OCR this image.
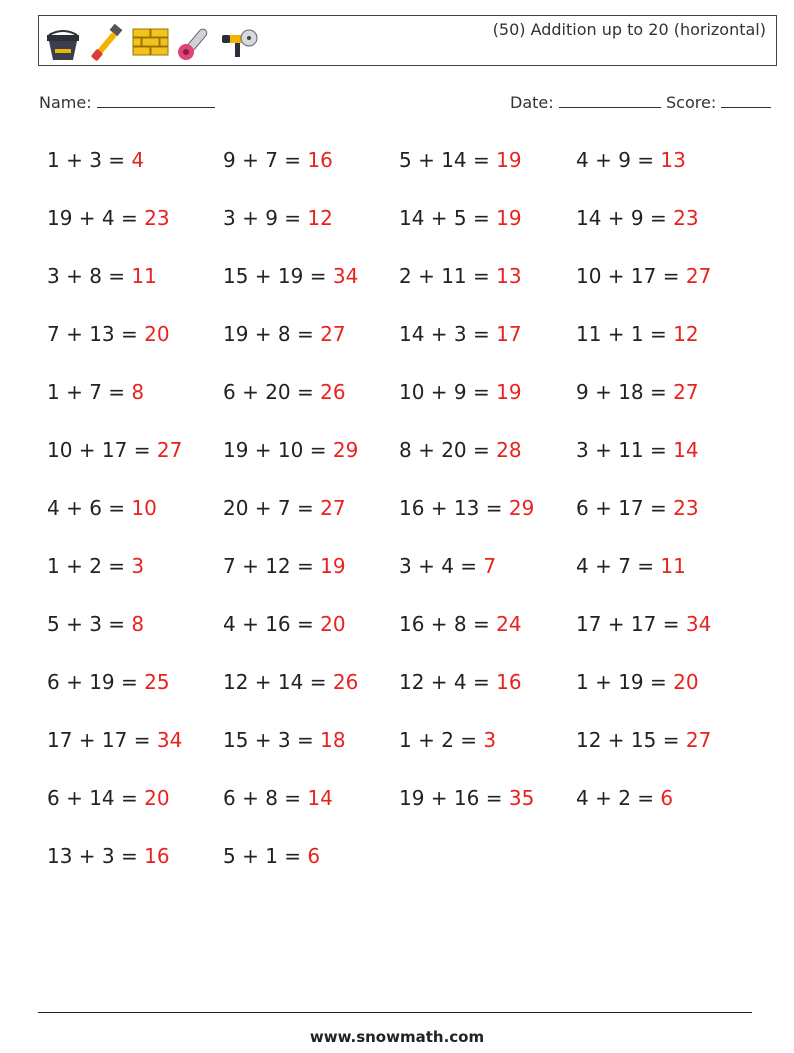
(50) Addition up to 20 (horizontal)
Name:	Date:	Score:
1 + 3 = 4	9 + 7 = 16	5 + 14 = 19	4 + 9 = 13
19 + 4 = 23	3 + 9 = 12	14 + 5 = 19	14 + 9 = 23
3 + 8 = 11	15 + 19 = 34 2 + 11 = 13	10 + 17 = 27
7 + 13 = 20	19 + 8 = 27	14 + 3 = 17	11 + 1 = 12
1 + 7 = 8	6 + 20 = 26	10 + 9 = 19	9 + 18 = 27
10 + 17 = 27 19 + 10 = 29 8 + 20 = 28	3 + 11 = 14
4 + 6 = 10	20 + 7 = 27	16 + 13 = 29 6 + 17 = 23
1 + 2 = 3	7 + 12 = 19	3 + 4 = 7	4 + 7 = 11
5 + 3 = 8	4 + 16 = 20	16 + 8 = 24	17 + 17 = 34
6 + 19 = 25	12 + 14 = 26 12 + 4 = 16	1 + 19 = 20
17 + 17 = 34 15 + 3 = 18	1 + 2 = 3	12 + 15 = 27
6 + 14 = 20	6 + 8 = 14	19 + 16 = 35 4 + 2 = 6
13 + 3 = 16	5 + 1 = 6
www.snowmath.com
